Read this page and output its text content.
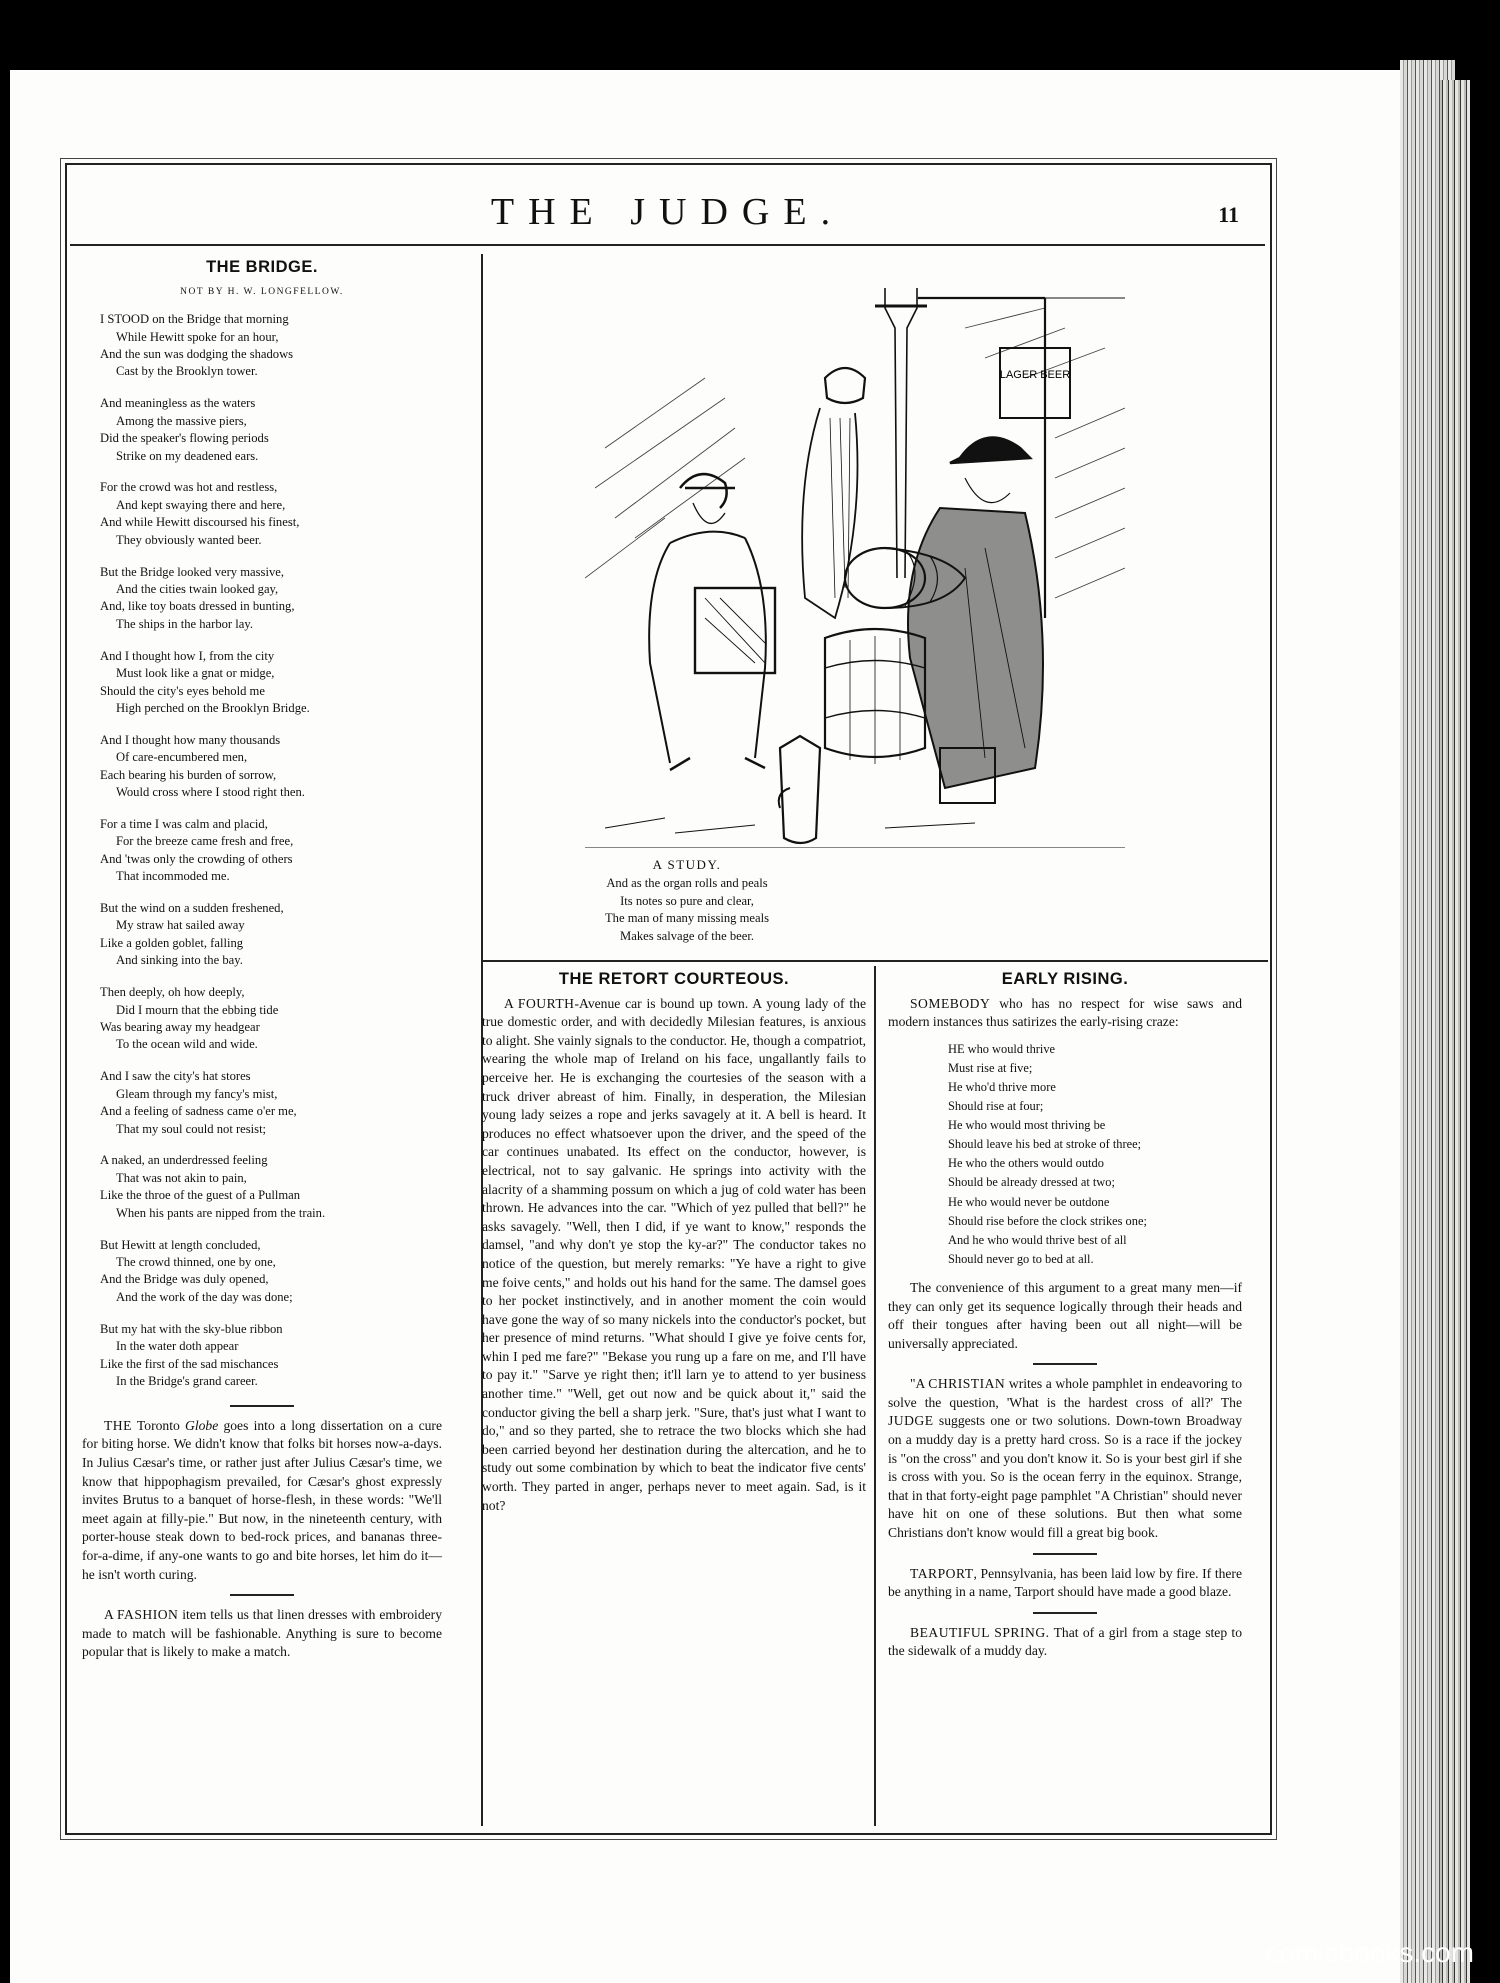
THE JUDGE.	11
THE BRIDGE.
NOT BY H. W. LONGFELLOW.
I STOOD on the Bridge that morning
While Hewitt spoke for an hour,
And the sun was dodging the shadows
Cast by the Brooklyn tower.
And meaningless as the waters
Among the massive piers,
Did the speaker's flowing periods
Strike on my deadened ears.
For the crowd was hot and restless,
And kept swaying there and here,
And while Hewitt discoursed his finest,
They obviously wanted beer.
But the Bridge looked very massive,
And the cities twain looked gay,
And, like toy boats dressed in bunting,
The ships in the harbor lay.
And I thought how I, from the city
Must look like a gnat or midge,
Should the city's eyes behold me
High perched on the Brooklyn Bridge.
And I thought how many thousands
Of care-encumbered men,
Each bearing his burden of sorrow,
Would cross where I stood right then.
For a time I was calm and placid,
For the breeze came fresh and free,
And 'twas only the crowding of others
That incommoded me.
But the wind on a sudden freshened,
My straw hat sailed away
Like a golden goblet, falling
And sinking into the bay.
Then deeply, oh how deeply,
Did I mourn that the ebbing tide
Was bearing away my headgear
To the ocean wild and wide.
And I saw the city's hat stores
Gleam through my fancy's mist,
And a feeling of sadness came o'er me,
That my soul could not resist;
A naked, an underdressed feeling
That was not akin to pain,
Like the throe of the guest of a Pullman
When his pants are nipped from the train.
But Hewitt at length concluded,
The crowd thinned, one by one,
And the Bridge was duly opened,
And the work of the day was done;
But my hat with the sky-blue ribbon
In the water doth appear
Like the first of the sad mischances
In the Bridge's grand career.

THE Toronto Globe goes into a long dissertation on a cure for biting horse. We didn't know that folks bit horses now-a-days. In Julius Cæsar's time, or rather just after Julius Cæsar's time, we know that hippophagism prevailed, for Cæsar's ghost expressly invites Brutus to a banquet of horse-flesh, in these words: "We'll meet again at filly-pie." But now, in the nineteenth century, with porter-house steak down to bed-rock prices, and bananas three-for-a-dime, if any-one wants to go and bite horses, let him do it—he isn't worth curing.

A FASHION item tells us that linen dresses with embroidery made to match will be fashionable. Anything is sure to become popular that is likely to make a match.

LAGER BEER
A STUDY.
And as the organ rolls and peals
Its notes so pure and clear,
The man of many missing meals
Makes salvage of the beer.
THE RETORT COURTEOUS.

A FOURTH-Avenue car is bound up town. A young lady of the true domestic order, and with decidedly Milesian features, is anxious to alight. She vainly signals to the conductor. He, though a compatriot, wearing the whole map of Ireland on his face, ungallantly fails to perceive her. He is exchanging the courtesies of the season with a truck driver abreast of him. Finally, in desperation, the Milesian young lady seizes a rope and jerks savagely at it. A bell is heard. It produces no effect whatsoever upon the driver, and the speed of the car continues unabated. Its effect on the conductor, however, is electrical, not to say galvanic. He springs into activity with the alacrity of a shamming possum on which a jug of cold water has been thrown. He advances into the car. "Which of yez pulled that bell?" he asks savagely. "Well, then I did, if ye want to know," responds the damsel, "and why don't ye stop the ky-ar?" The conductor takes no notice of the question, but merely remarks: "Ye have a right to give me foive cents," and holds out his hand for the same. The damsel goes to her pocket instinctively, and in another moment the coin would have gone the way of so many nickels into the conductor's pocket, but her presence of mind returns. "What should I give ye foive cents for, whin I ped me fare?" "Bekase you rung up a fare on me, and I'll have to pay it." "Sarve ye right then; it'll larn ye to attend to yer business another time." "Well, get out now and be quick about it," said the conductor giving the bell a sharp jerk. "Sure, that's just what I want to do," and so they parted, she to retrace the two blocks which she had been carried beyond her destination during the altercation, and he to study out some combination by which to beat the indicator five cents' worth. They parted in anger, perhaps never to meet again. Sad, is it not?

EARLY RISING.

SOMEBODY who has no respect for wise saws and modern instances thus satirizes the early-rising craze:

HE who would thrive
Must rise at five;
He who'd thrive more
Should rise at four;
He who would most thriving be
Should leave his bed at stroke of three;
He who the others would outdo
Should be already dressed at two;
He who would never be outdone
Should rise before the clock strikes one;
And he who would thrive best of all
Should never go to bed at all.

The convenience of this argument to a great many men—if they can only get its sequence logically through their heads and off their tongues after having been out all night—will be universally appreciated.

"A CHRISTIAN writes a whole pamphlet in endeavoring to solve the question, 'What is the hardest cross of all?' The JUDGE suggests one or two solutions. Down-town Broadway on a muddy day is a pretty hard cross. So is a race if the jockey is "on the cross" and you don't know it. So is your best girl if she is cross with you. So is the ocean ferry in the equinox. Strange, that in that forty-eight page pamphlet "A Christian" should never have hit on one of these solutions. But then what some Christians don't know would fill a great big book.

TARPORT, Pennsylvania, has been laid low by fire. If there be anything in a name, Tarport should have made a good blaze.

BEAUTIFUL SPRING. That of a girl from a stage step to the sidewalk of a muddy day.

comicbooks.com
